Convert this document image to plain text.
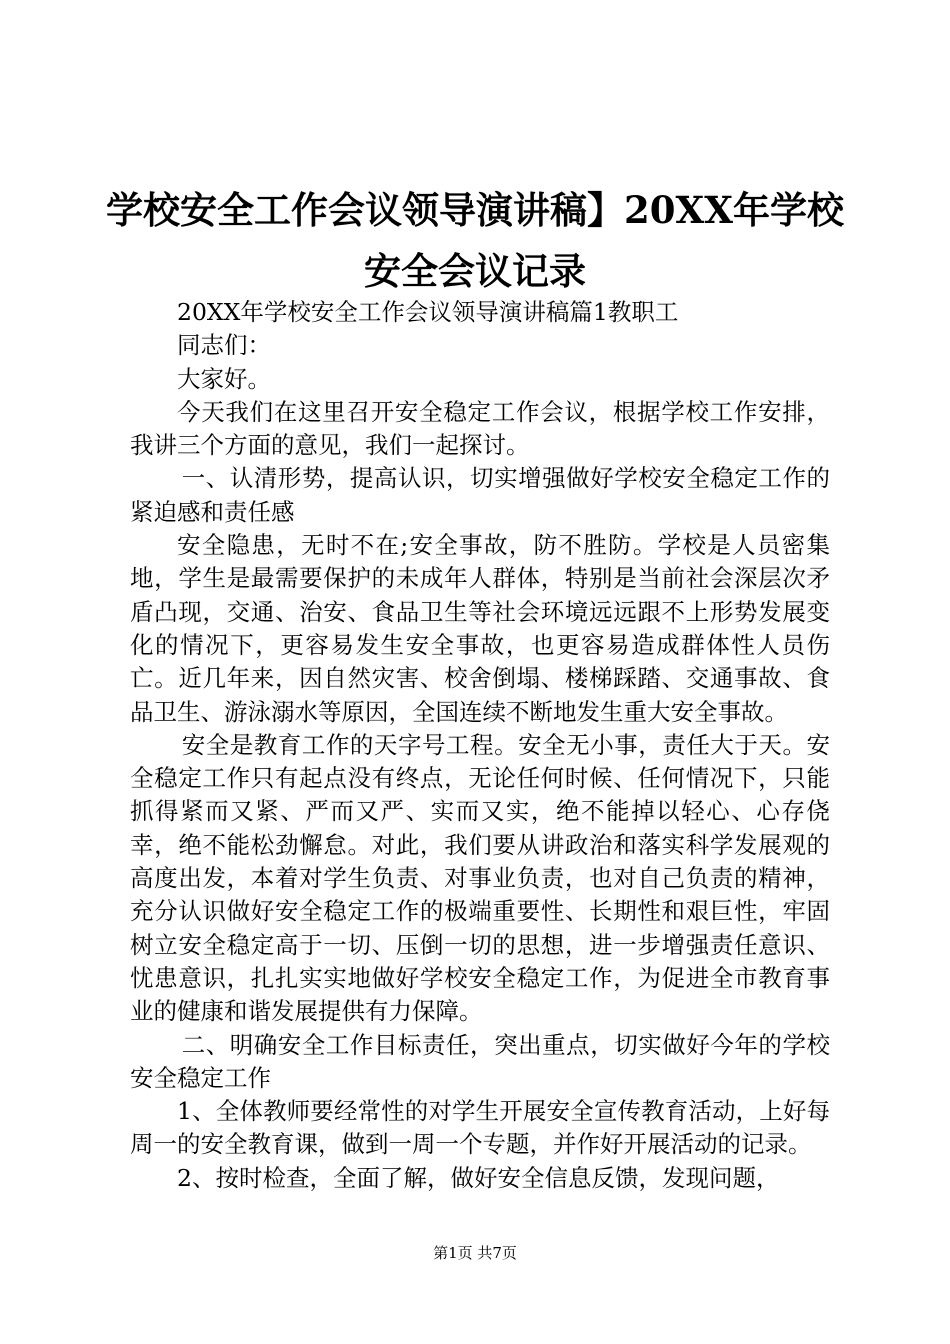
学校安全工作会议领导演讲稿】20XX年学校
安全会议记录

20XX年学校安全工作会议领导演讲稿篇1教职工

同志们：

大家好。

今天我们在这里召开安全稳定工作会议，根据学校工作安排，我讲三个方面的意见，我们一起探讨。

一、认清形势，提高认识，切实增强做好学校安全稳定工作的紧迫感和责任感

安全隐患，无时不在;安全事故，防不胜防。学校是人员密集地，学生是最需要保护的未成年人群体，特别是当前社会深层次矛盾凸现，交通、治安、食品卫生等社会环境远远跟不上形势发展变化的情况下，更容易发生安全事故，也更容易造成群体性人员伤亡。近几年来，因自然灾害、校舍倒塌、楼梯踩踏、交通事故、食品卫生、游泳溺水等原因，全国连续不断地发生重大安全事故。

安全是教育工作的天字号工程。安全无小事，责任大于天。安全稳定工作只有起点没有终点，无论任何时候、任何情况下，只能抓得紧而又紧、严而又严、实而又实，绝不能掉以轻心、心存侥幸，绝不能松劲懈怠。对此，我们要从讲政治和落实科学发展观的高度出发，本着对学生负责、对事业负责，也对自己负责的精神，充分认识做好安全稳定工作的极端重要性、长期性和艰巨性，牢固树立安全稳定高于一切、压倒一切的思想，进一步增强责任意识、忧患意识，扎扎实实地做好学校安全稳定工作，为促进全市教育事业的健康和谐发展提供有力保障。

二、明确安全工作目标责任，突出重点，切实做好今年的学校安全稳定工作

1、全体教师要经常性的对学生开展安全宣传教育活动，上好每周一的安全教育课，做到一周一个专题，并作好开展活动的记录。

2、按时检查，全面了解，做好安全信息反馈，发现问题，

第1页 共7页
